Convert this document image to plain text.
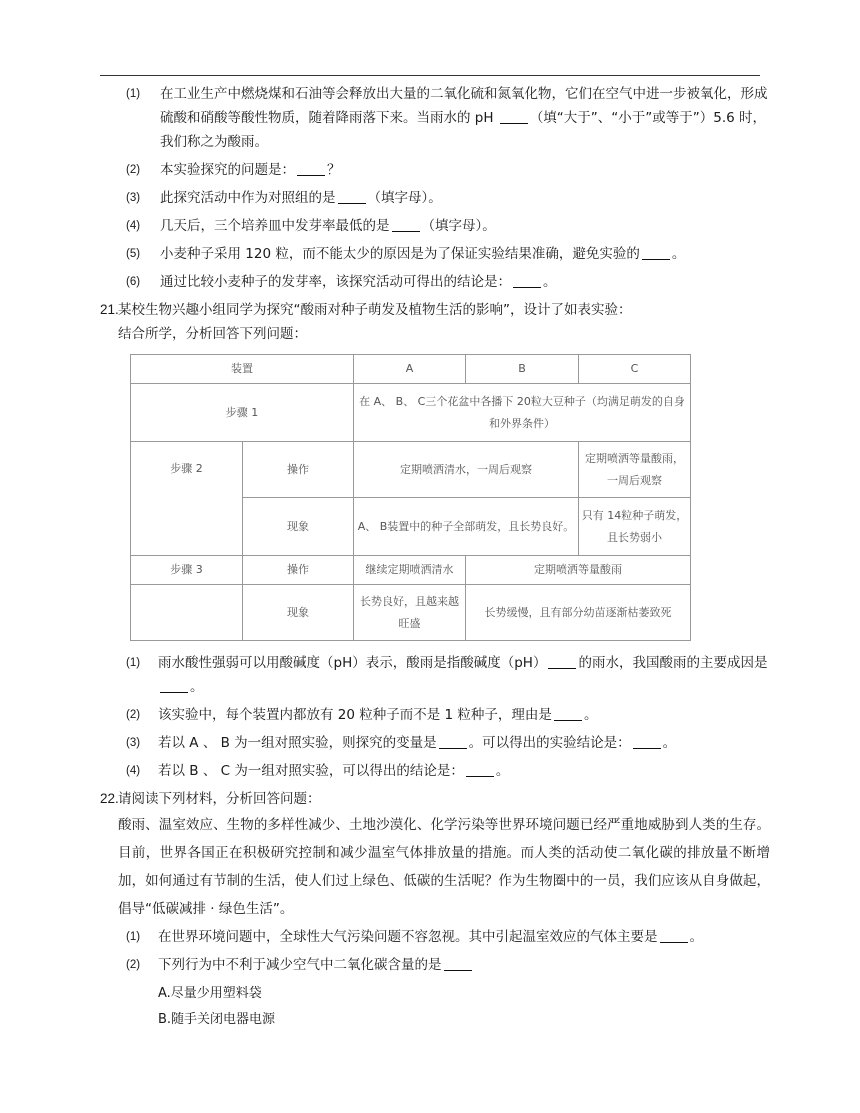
(1) 在工业生产中燃烧煤和石油等会释放出大量的二氧化硫和氮氧化物，它们在空气中进一步被氧化，形成硫酸和硝酸等酸性物质，随着降雨落下来。当雨水的 pH （填“大于”、“小于”或等于”）5.6 时，我们称之为酸雨。
(2) 本实验探究的问题是： ？
(3) 此探究活动中作为对照组的是 （填字母）。
(4) 几天后，三个培养皿中发芽率最低的是 （填字母）。
(5) 小麦种子采用 120 粒，而不能太少的原因是为了保证实验结果准确，避免实验的 。
(6) 通过比较小麦种子的发芽率，该探究活动可得出的结论是： 。
21. 某校生物兴趣小组同学为探究“酸雨对种子萌发及植物生活的影响”，设计了如表实验：
结合所学，分析回答下列问题：
装置		A	B	C
步骤 1		在 A、 B、 C三个花盆中各播下 20粒大豆种子（均满足萌发的自身和外界条件）		
步骤 2	操作	定期喷洒清水，一周后观察		定期喷洒等量酸雨，一周后观察
	现象	A、 B装置中的种子全部萌发，且长势良好。		只有 14粒种子萌发，且长势弱小
步骤 3	操作	继续定期喷洒清水	定期喷洒等量酸雨	
	现象	长势良好，且越来越旺盛	长势缓慢，且有部分幼苗逐渐枯萎致死	
(1) 雨水酸性强弱可以用酸碱度（pH）表示，酸雨是指酸碱度（pH） 的雨水，我国酸雨的主要成因是。
(2) 该实验中，每个装置内都放有 20 粒种子而不是 1 粒种子，理由是 。
(3) 若以 A 、 B 为一组对照实验，则探究的变量是 。可以得出的实验结论是： 。
(4) 若以 B 、 C 为一组对照实验，可以得出的结论是： 。
22. 请阅读下列材料，分析回答问题：
酸雨、温室效应、生物的多样性减少、土地沙漠化、化学污染等世界环境问题已经严重地威胁到人类的生存。目前，世界各国正在积极研究控制和减少温室气体排放量的措施。而人类的活动使二氧化碳的排放量不断增加，如何通过有节制的生活，使人们过上绿色、低碳的生活呢？作为生物圈中的一员，我们应该从自身做起，倡导“低碳减排 · 绿色生活”。
(1) 在世界环境问题中，全球性大气污染问题不容忽视。其中引起温室效应的气体主要是 。
(2) 下列行为中不利于减少空气中二氧化碳含量的是
A.尽量少用塑料袋
B.随手关闭电器电源
